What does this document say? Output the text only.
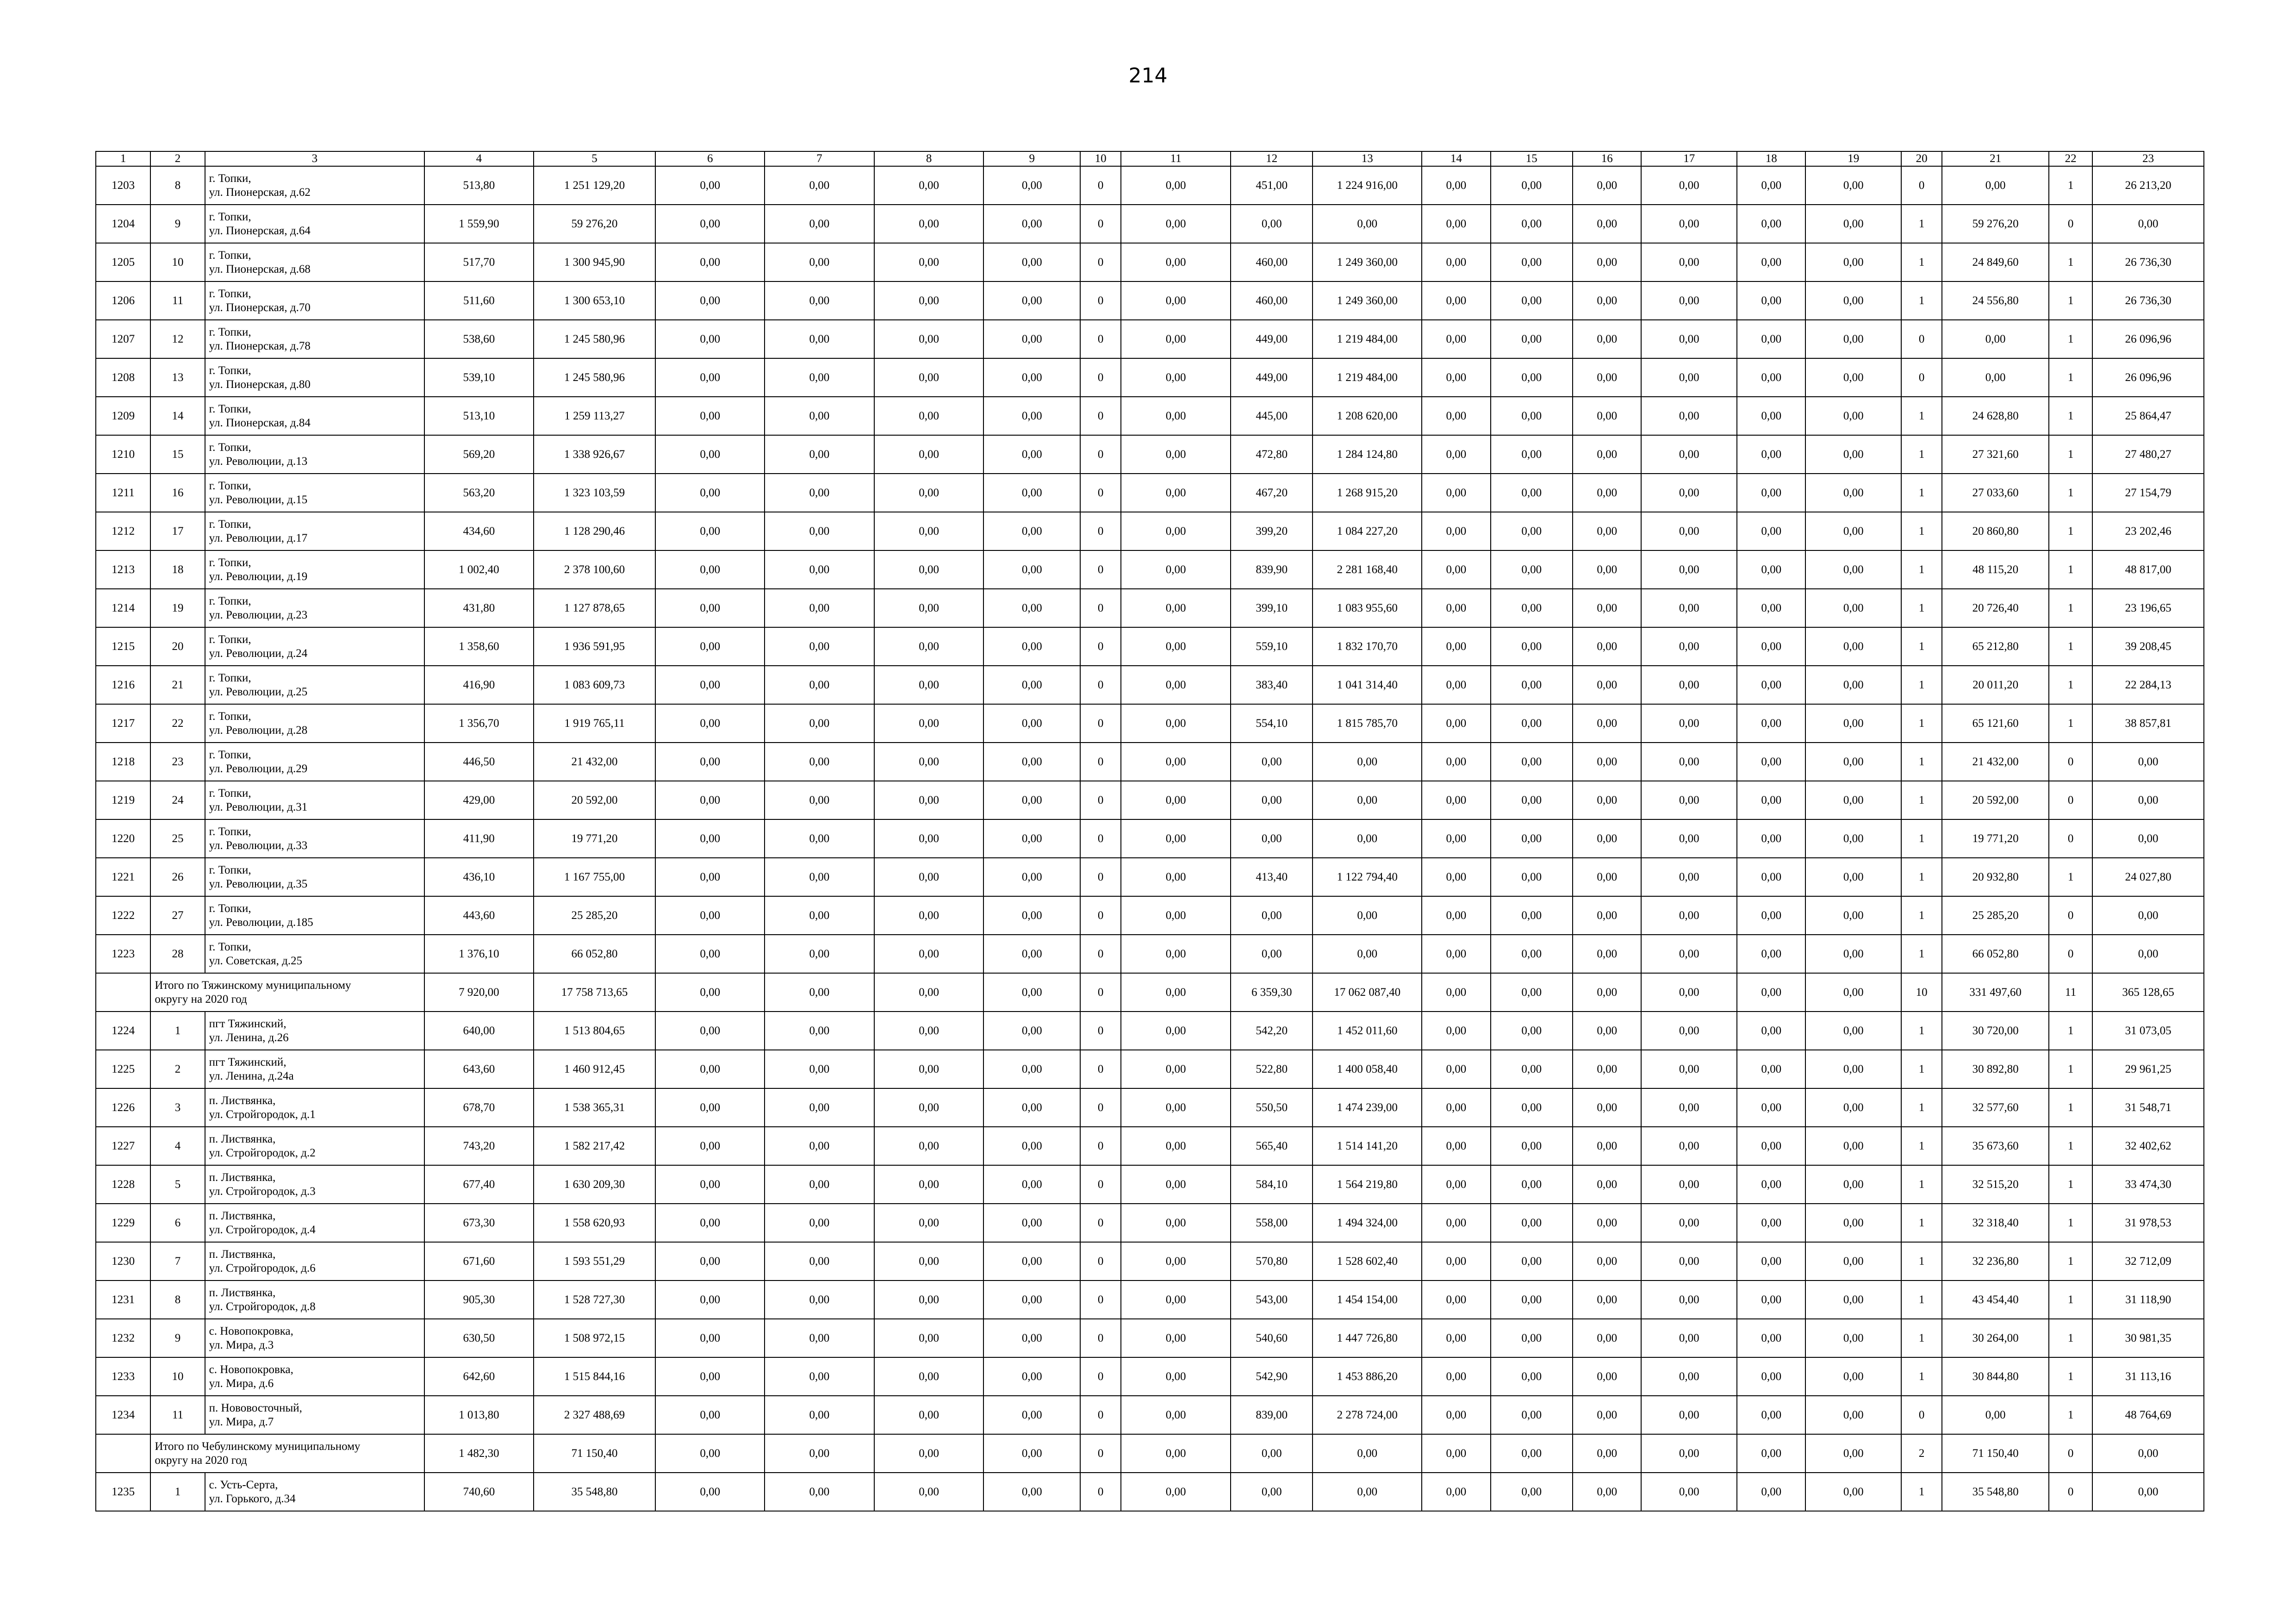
214
1	2	3	4	5	6	7	8	9	10	11	12	13	14	15	16	17	18	19	20	21	22	23
1203	8	г. Топки,
ул. Пионерская, д.62	513,80	1 251 129,20	0,00	0,00	0,00	0,00	0	0,00	451,00	1 224 916,00	0,00	0,00	0,00	0,00	0,00	0,00	0	0,00	1	26 213,20
1204	9	г. Топки,
ул. Пионерская, д.64	1 559,90	59 276,20	0,00	0,00	0,00	0,00	0	0,00	0,00	0,00	0,00	0,00	0,00	0,00	0,00	0,00	1	59 276,20	0	0,00
1205	10	г. Топки,
ул. Пионерская, д.68	517,70	1 300 945,90	0,00	0,00	0,00	0,00	0	0,00	460,00	1 249 360,00	0,00	0,00	0,00	0,00	0,00	0,00	1	24 849,60	1	26 736,30
1206	11	г. Топки,
ул. Пионерская, д.70	511,60	1 300 653,10	0,00	0,00	0,00	0,00	0	0,00	460,00	1 249 360,00	0,00	0,00	0,00	0,00	0,00	0,00	1	24 556,80	1	26 736,30
1207	12	г. Топки,
ул. Пионерская, д.78	538,60	1 245 580,96	0,00	0,00	0,00	0,00	0	0,00	449,00	1 219 484,00	0,00	0,00	0,00	0,00	0,00	0,00	0	0,00	1	26 096,96
1208	13	г. Топки,
ул. Пионерская, д.80	539,10	1 245 580,96	0,00	0,00	0,00	0,00	0	0,00	449,00	1 219 484,00	0,00	0,00	0,00	0,00	0,00	0,00	0	0,00	1	26 096,96
1209	14	г. Топки,
ул. Пионерская, д.84	513,10	1 259 113,27	0,00	0,00	0,00	0,00	0	0,00	445,00	1 208 620,00	0,00	0,00	0,00	0,00	0,00	0,00	1	24 628,80	1	25 864,47
1210	15	г. Топки,
ул. Революции, д.13	569,20	1 338 926,67	0,00	0,00	0,00	0,00	0	0,00	472,80	1 284 124,80	0,00	0,00	0,00	0,00	0,00	0,00	1	27 321,60	1	27 480,27
1211	16	г. Топки,
ул. Революции, д.15	563,20	1 323 103,59	0,00	0,00	0,00	0,00	0	0,00	467,20	1 268 915,20	0,00	0,00	0,00	0,00	0,00	0,00	1	27 033,60	1	27 154,79
1212	17	г. Топки,
ул. Революции, д.17	434,60	1 128 290,46	0,00	0,00	0,00	0,00	0	0,00	399,20	1 084 227,20	0,00	0,00	0,00	0,00	0,00	0,00	1	20 860,80	1	23 202,46
1213	18	г. Топки,
ул. Революции, д.19	1 002,40	2 378 100,60	0,00	0,00	0,00	0,00	0	0,00	839,90	2 281 168,40	0,00	0,00	0,00	0,00	0,00	0,00	1	48 115,20	1	48 817,00
1214	19	г. Топки,
ул. Революции, д.23	431,80	1 127 878,65	0,00	0,00	0,00	0,00	0	0,00	399,10	1 083 955,60	0,00	0,00	0,00	0,00	0,00	0,00	1	20 726,40	1	23 196,65
1215	20	г. Топки,
ул. Революции, д.24	1 358,60	1 936 591,95	0,00	0,00	0,00	0,00	0	0,00	559,10	1 832 170,70	0,00	0,00	0,00	0,00	0,00	0,00	1	65 212,80	1	39 208,45
1216	21	г. Топки,
ул. Революции, д.25	416,90	1 083 609,73	0,00	0,00	0,00	0,00	0	0,00	383,40	1 041 314,40	0,00	0,00	0,00	0,00	0,00	0,00	1	20 011,20	1	22 284,13
1217	22	г. Топки,
ул. Революции, д.28	1 356,70	1 919 765,11	0,00	0,00	0,00	0,00	0	0,00	554,10	1 815 785,70	0,00	0,00	0,00	0,00	0,00	0,00	1	65 121,60	1	38 857,81
1218	23	г. Топки,
ул. Революции, д.29	446,50	21 432,00	0,00	0,00	0,00	0,00	0	0,00	0,00	0,00	0,00	0,00	0,00	0,00	0,00	0,00	1	21 432,00	0	0,00
1219	24	г. Топки,
ул. Революции, д.31	429,00	20 592,00	0,00	0,00	0,00	0,00	0	0,00	0,00	0,00	0,00	0,00	0,00	0,00	0,00	0,00	1	20 592,00	0	0,00
1220	25	г. Топки,
ул. Революции, д.33	411,90	19 771,20	0,00	0,00	0,00	0,00	0	0,00	0,00	0,00	0,00	0,00	0,00	0,00	0,00	0,00	1	19 771,20	0	0,00
1221	26	г. Топки,
ул. Революции, д.35	436,10	1 167 755,00	0,00	0,00	0,00	0,00	0	0,00	413,40	1 122 794,40	0,00	0,00	0,00	0,00	0,00	0,00	1	20 932,80	1	24 027,80
1222	27	г. Топки,
ул. Революции, д.185	443,60	25 285,20	0,00	0,00	0,00	0,00	0	0,00	0,00	0,00	0,00	0,00	0,00	0,00	0,00	0,00	1	25 285,20	0	0,00
1223	28	г. Топки,
ул. Советская, д.25	1 376,10	66 052,80	0,00	0,00	0,00	0,00	0	0,00	0,00	0,00	0,00	0,00	0,00	0,00	0,00	0,00	1	66 052,80	0	0,00

	Итого по Тяжинскому муниципальному
округу на 2020 год		7 920,00	17 758 713,65	0,00	0,00	0,00	0,00	0	0,00	6 359,30	17 062 087,40	0,00	0,00	0,00	0,00	0,00	0,00	10	331 497,60	11	365 128,65
1224	1	пгт Тяжинский,
ул. Ленина, д.26	640,00	1 513 804,65	0,00	0,00	0,00	0,00	0	0,00	542,20	1 452 011,60	0,00	0,00	0,00	0,00	0,00	0,00	1	30 720,00	1	31 073,05
1225	2	пгт Тяжинский,
ул. Ленина, д.24а	643,60	1 460 912,45	0,00	0,00	0,00	0,00	0	0,00	522,80	1 400 058,40	0,00	0,00	0,00	0,00	0,00	0,00	1	30 892,80	1	29 961,25
1226	3	п. Листвянка,
ул. Стройгородок, д.1	678,70	1 538 365,31	0,00	0,00	0,00	0,00	0	0,00	550,50	1 474 239,00	0,00	0,00	0,00	0,00	0,00	0,00	1	32 577,60	1	31 548,71
1227	4	п. Листвянка,
ул. Стройгородок, д.2	743,20	1 582 217,42	0,00	0,00	0,00	0,00	0	0,00	565,40	1 514 141,20	0,00	0,00	0,00	0,00	0,00	0,00	1	35 673,60	1	32 402,62
1228	5	п. Листвянка,
ул. Стройгородок, д.3	677,40	1 630 209,30	0,00	0,00	0,00	0,00	0	0,00	584,10	1 564 219,80	0,00	0,00	0,00	0,00	0,00	0,00	1	32 515,20	1	33 474,30
1229	6	п. Листвянка,
ул. Стройгородок, д.4	673,30	1 558 620,93	0,00	0,00	0,00	0,00	0	0,00	558,00	1 494 324,00	0,00	0,00	0,00	0,00	0,00	0,00	1	32 318,40	1	31 978,53
1230	7	п. Листвянка,
ул. Стройгородок, д.6	671,60	1 593 551,29	0,00	0,00	0,00	0,00	0	0,00	570,80	1 528 602,40	0,00	0,00	0,00	0,00	0,00	0,00	1	32 236,80	1	32 712,09
1231	8	п. Листвянка,
ул. Стройгородок, д.8	905,30	1 528 727,30	0,00	0,00	0,00	0,00	0	0,00	543,00	1 454 154,00	0,00	0,00	0,00	0,00	0,00	0,00	1	43 454,40	1	31 118,90
1232	9	с. Новопокровка,
ул. Мира, д.3	630,50	1 508 972,15	0,00	0,00	0,00	0,00	0	0,00	540,60	1 447 726,80	0,00	0,00	0,00	0,00	0,00	0,00	1	30 264,00	1	30 981,35
1233	10	с. Новопокровка,
ул. Мира, д.6	642,60	1 515 844,16	0,00	0,00	0,00	0,00	0	0,00	542,90	1 453 886,20	0,00	0,00	0,00	0,00	0,00	0,00	1	30 844,80	1	31 113,16
1234	11	п. Нововосточный,
ул. Мира, д.7	1 013,80	2 327 488,69	0,00	0,00	0,00	0,00	0	0,00	839,00	2 278 724,00	0,00	0,00	0,00	0,00	0,00	0,00	0	0,00	1	48 764,69

	Итого по Чебулинскому муниципальному
округу на 2020 год		1 482,30	71 150,40	0,00	0,00	0,00	0,00	0	0,00	0,00	0,00	0,00	0,00	0,00	0,00	0,00	0,00	2	71 150,40	0	0,00
1235	1	с. Усть-Серта,
ул. Горького, д.34	740,60	35 548,80	0,00	0,00	0,00	0,00	0	0,00	0,00	0,00	0,00	0,00	0,00	0,00	0,00	0,00	1	35 548,80	0	0,00
